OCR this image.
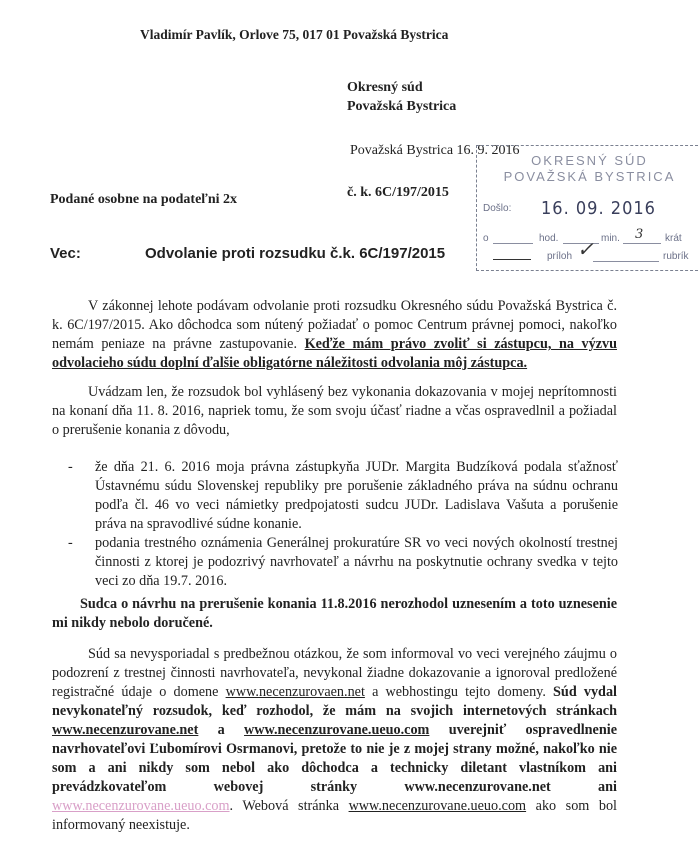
Vladimír Pavlík, Orlove 75, 017 01 Považská Bystrica
Okresný súd
Považská Bystrica
Považská Bystrica 16. 9. 2016
č. k. 6C/197/2015
Podané osobne na podateľni 2x
OKRESNÝ SÚD
POVAŽSKÁ BYSTRICA
Došlo: 16. 09. 2016
o	hod.	min. 3 krát
príloh ✓	rubrík
Vec:	Odvolanie proti rozsudku č.k. 6C/197/2015
V zákonnej lehote podávam odvolanie proti rozsudku Okresného súdu Považská Bystrica č. k. 6C/197/2015. Ako dôchodca som nútený požiadať o pomoc Centrum právnej pomoci, nakoľko nemám peniaze na právne zastupovanie. Keďže mám právo zvoliť si zástupcu, na výzvu odvolacieho súdu doplní ďalšie obligatórne náležitosti odvolania môj zástupca.
Uvádzam len, že rozsudok bol vyhlásený bez vykonania dokazovania v mojej neprítomnosti na konaní dňa 11. 8. 2016, napriek tomu, že som svoju účasť riadne a včas ospravedlnil a požiadal o prerušenie konania z dôvodu,
- že dňa 21. 6. 2016 moja právna zástupkyňa JUDr. Margita Budzíková podala sťažnosť Ústavnému súdu Slovenskej republiky pre porušenie základného práva na súdnu ochranu podľa čl. 46 vo veci námietky predpojatosti sudcu JUDr. Ladislava Vašuta a porušenie práva na spravodlivé súdne konanie.
- podania trestného oznámenia Generálnej prokuratúre SR vo veci nových okolností trestnej činnosti z ktorej je podozrivý navrhovateľ a návrhu na poskytnutie ochrany svedka v tejto veci zo dňa 19.7. 2016.
Sudca o návrhu na prerušenie konania 11.8.2016 nerozhodol uznesením a toto uznesenie mi nikdy nebolo doručené.
Súd sa nevysporiadal s predbežnou otázkou, že som informoval vo veci verejného záujmu o podozrení z trestnej činnosti navrhovateľa, nevykonal žiadne dokazovanie a ignoroval predložené registračné údaje o domene www.necenzurovaen.net a webhostingu tejto domeny. Súd vydal nevykonateľný rozsudok, keď rozhodol, že mám na svojich internetových stránkach www.necenzurovane.net a www.necenzurovane.ueuo.com uverejniť ospravedlnenie navrhovateľovi Ľubomírovi Osrmanovi, pretože to nie je z mojej strany možné, nakoľko nie som a ani nikdy som nebol ako dôchodca a technicky diletant vlastníkom ani prevádzkovateľom webovej stránky www.necenzurovane.net ani www.necenzurovane.ueuo.com. Webová stránka www.necenzurovane.ueuo.com ako som bol informovaný neexistuje.
